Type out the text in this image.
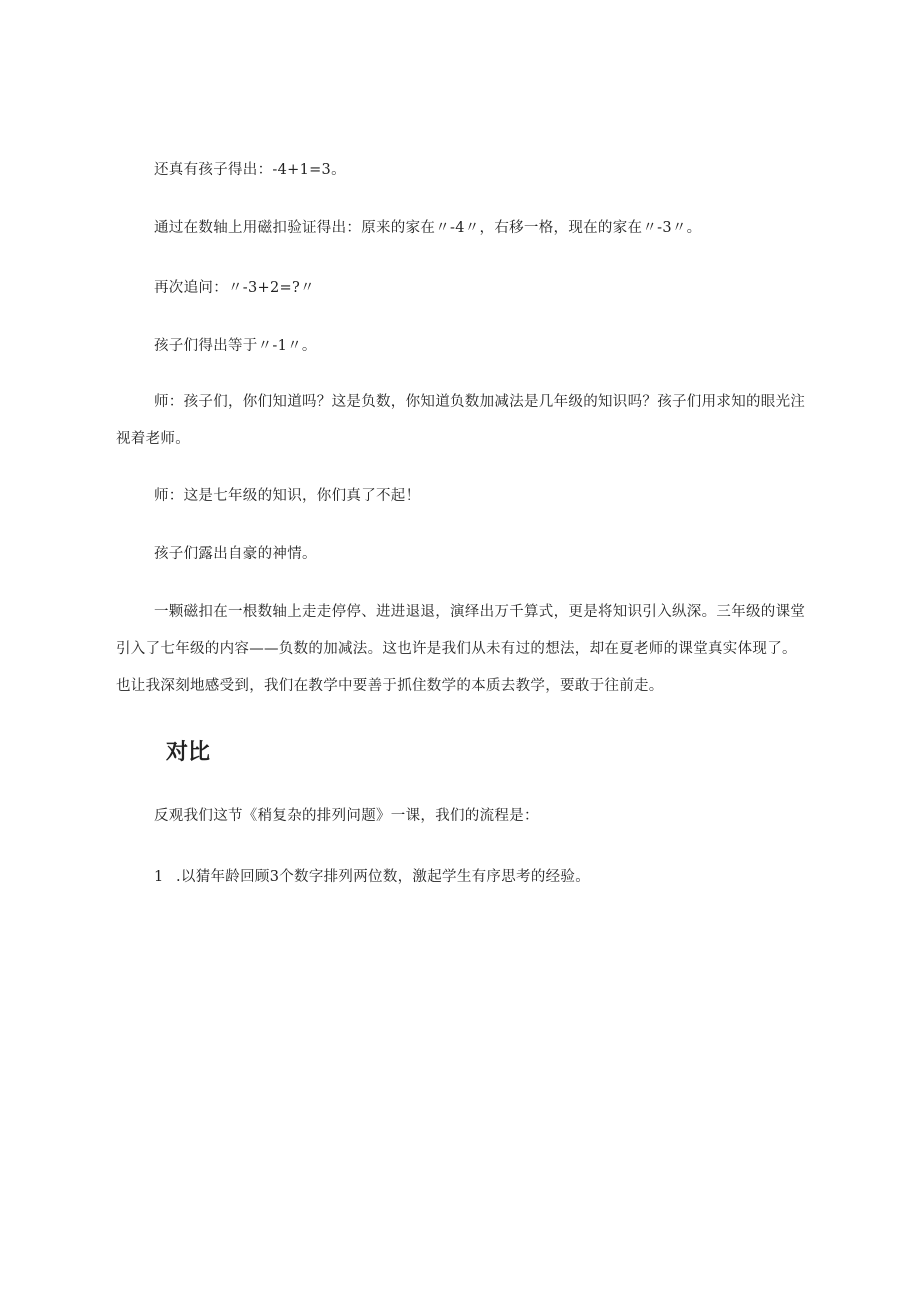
还真有孩子得出：-4+1=3。

通过在数轴上用磁扣验证得出：原来的家在〃-4〃，右移一格，现在的家在〃-3〃。

再次追问：〃-3+2=?〃

孩子们得出等于〃-1〃。

师：孩子们，你们知道吗？这是负数，你知道负数加减法是几年级的知识吗？孩子们用求知的眼光注视着老师。

师：这是七年级的知识，你们真了不起！

孩子们露出自豪的神情。

一颗磁扣在一根数轴上走走停停、进进退退，演绎出万千算式，更是将知识引入纵深。三年级的课堂引入了七年级的内容——负数的加减法。这也许是我们从未有过的想法，却在夏老师的课堂真实体现了。也让我深刻地感受到，我们在教学中要善于抓住数学的本质去教学，要敢于往前走。

对比

反观我们这节《稍复杂的排列问题》一课，我们的流程是：

1 .以猜年龄回顾3个数字排列两位数，激起学生有序思考的经验。
